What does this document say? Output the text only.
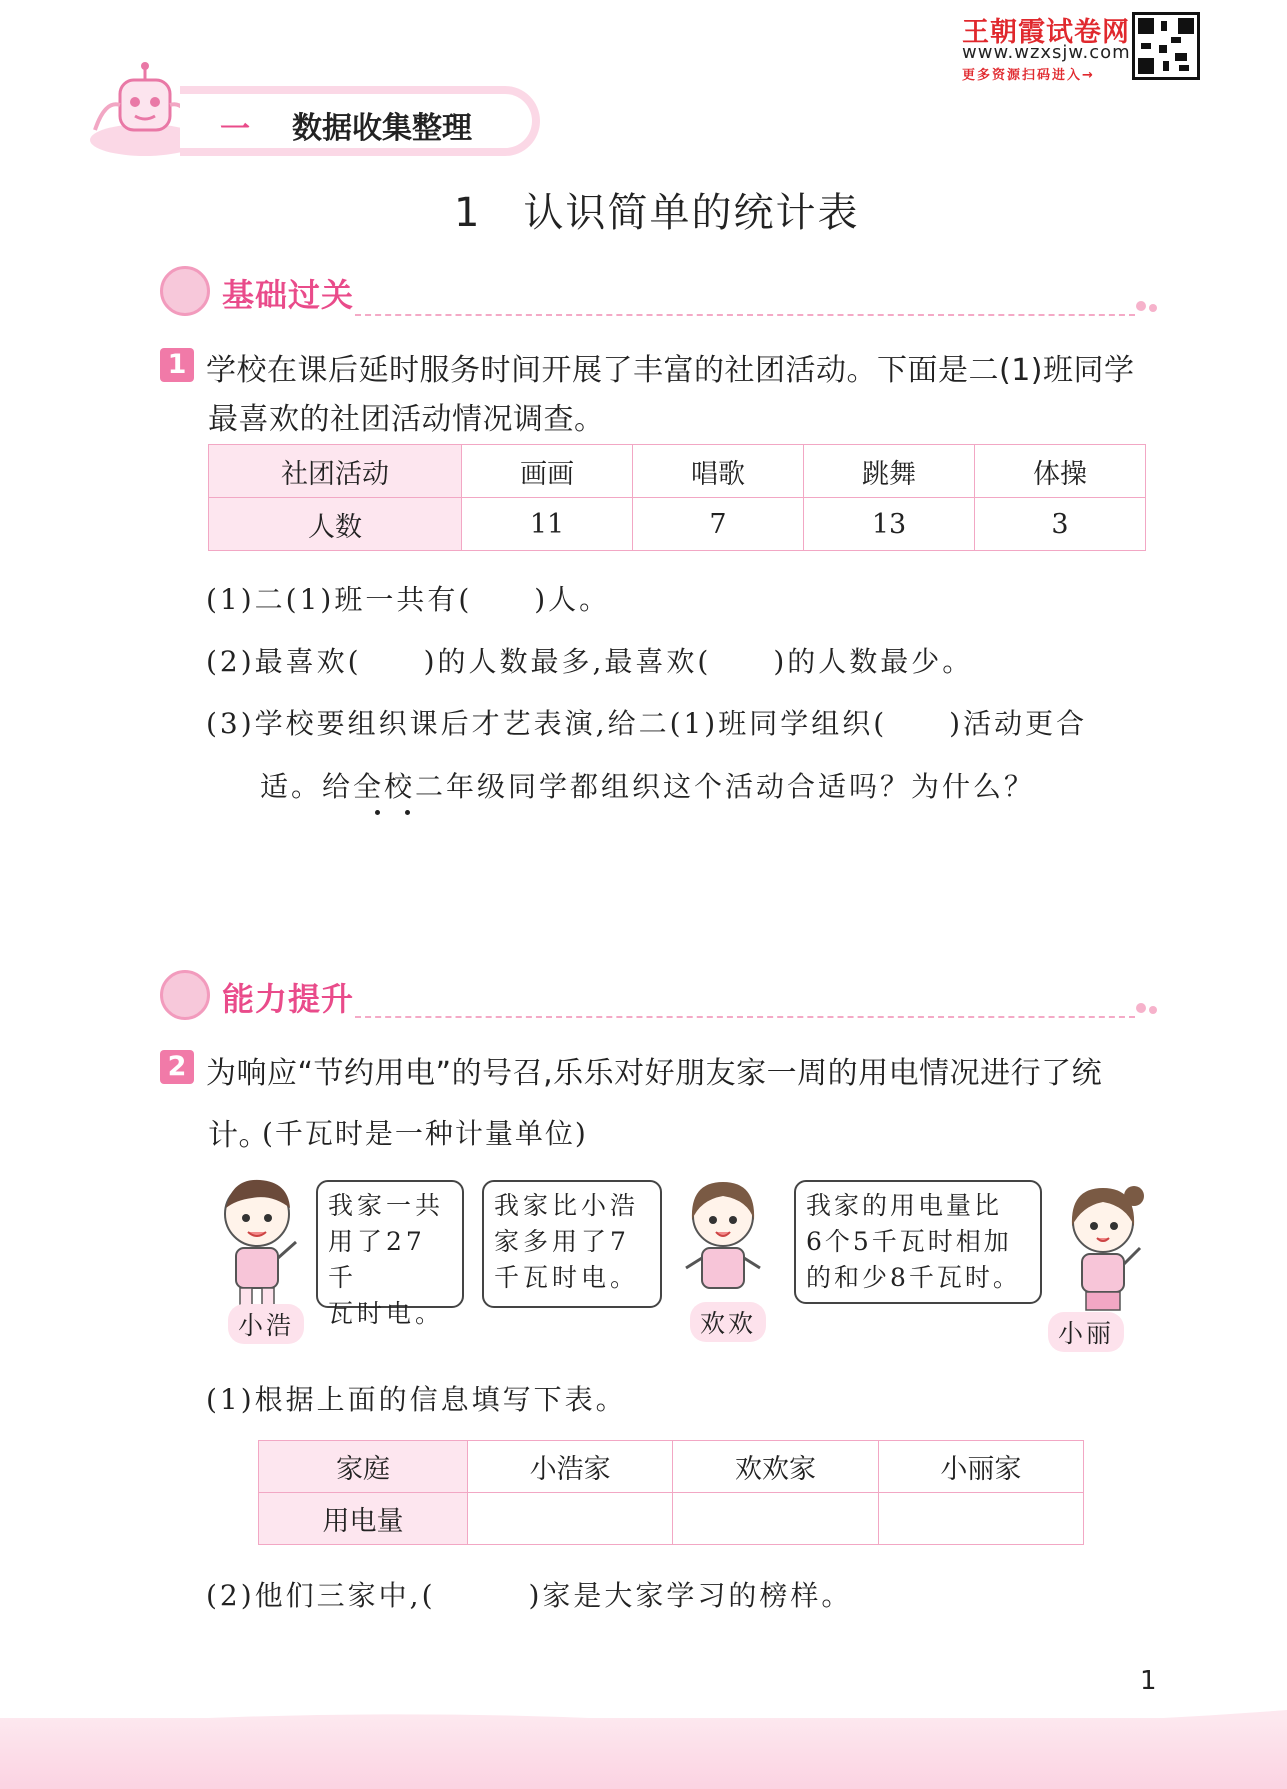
王朝霞试卷网
www.wzxsjw.com
更多资源扫码进入→
一 数据收集整理
1　认识简单的统计表
基础过关
1 学校在课后延时服务时间开展了丰富的社团活动。下面是二(1)班同学
最喜欢的社团活动情况调查。
社团活动	画画	唱歌	跳舞	体操
人数	11	7	13	3
(1)二(1)班一共有(　　)人。
(2)最喜欢(　　)的人数最多,最喜欢(　　)的人数最少。
(3)学校要组织课后才艺表演,给二(1)班同学组织(　　)活动更合
适。给全校二年级同学都组织这个活动合适吗？为什么？
能力提升
2 为响应“节约用电”的号召,乐乐对好朋友家一周的用电情况进行了统
计。
(千瓦时是一种计量单位)
小浩
我家一共
用了27千
瓦时电。
我家比小浩
家多用了7
千瓦时电。
欢欢
我家的用电量比
6个5千瓦时相加
的和少8千瓦时。
小丽
(1)根据上面的信息填写下表。
家庭	小浩家	欢欢家	小丽家
用电量			
(2)他们三家中,(　　　)家是大家学习的榜样。
1
